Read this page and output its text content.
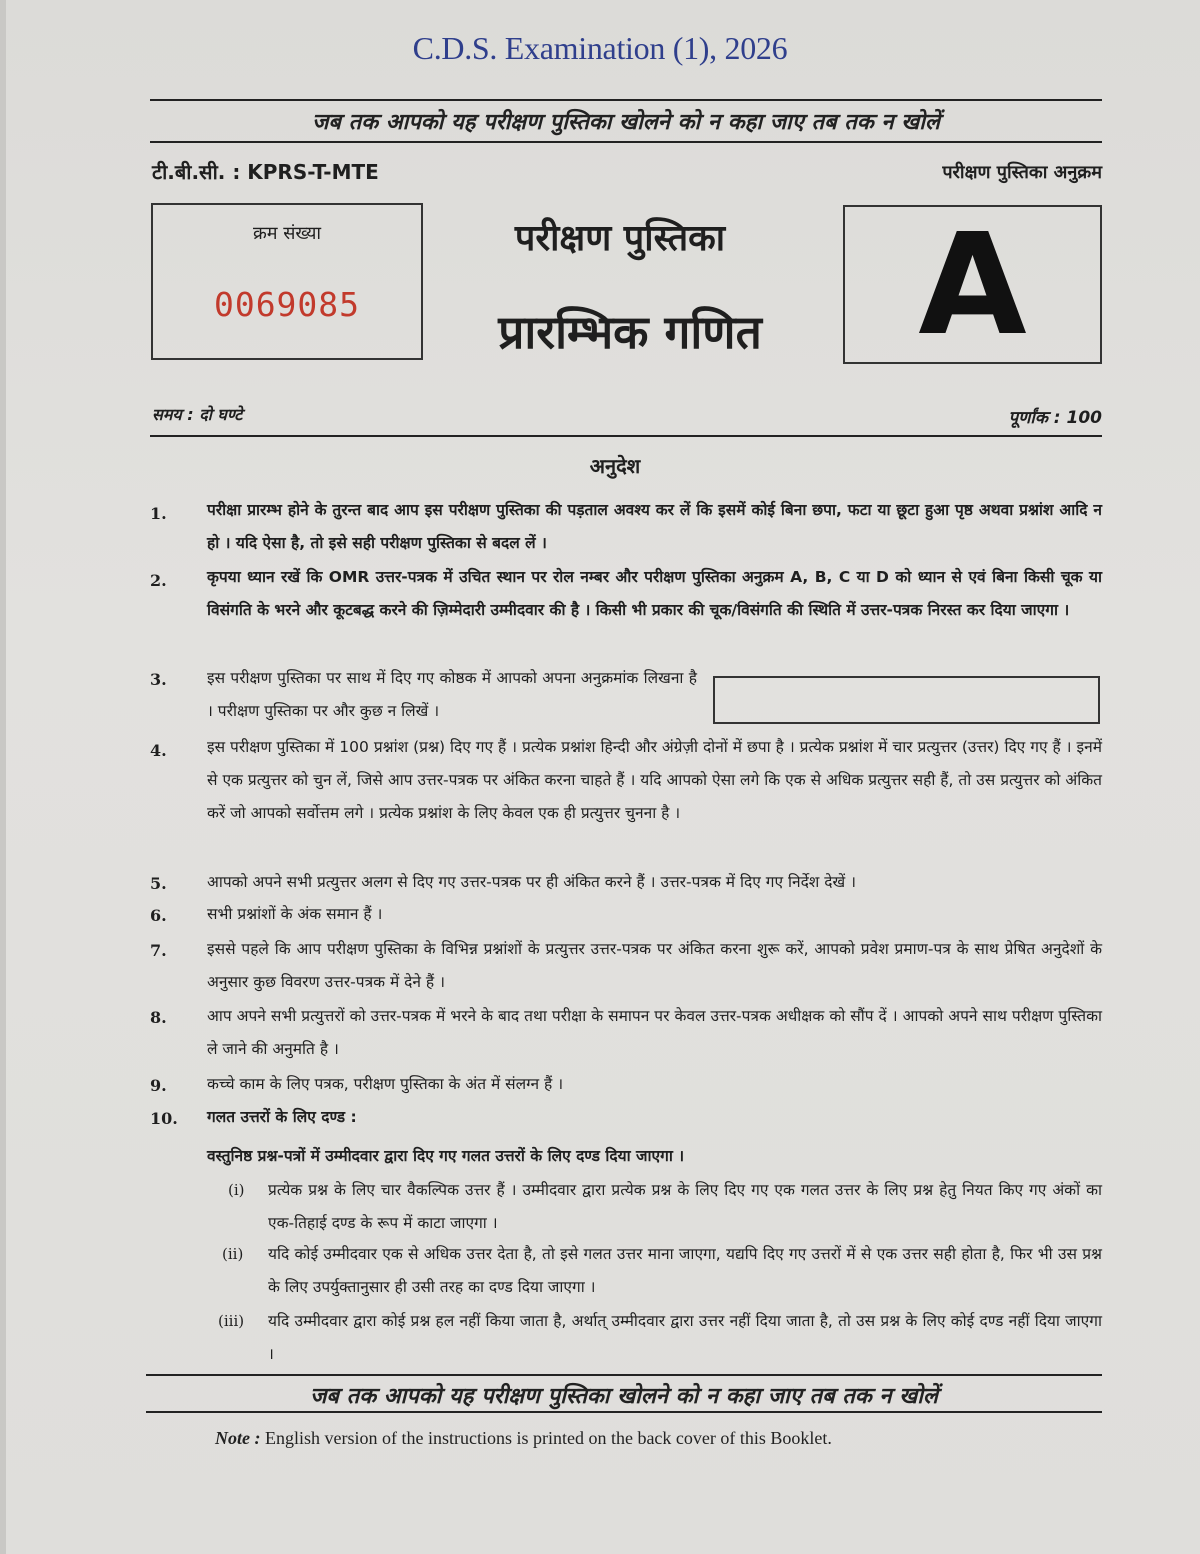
C.D.S. Examination (1), 2026
जब तक आपको यह परीक्षण पुस्तिका खोलने को न कहा जाए तब तक न खोलें
टी.बी.सी. : KPRS-T-MTE	परीक्षण पुस्तिका अनुक्रम
क्रम संख्या
0069085
परीक्षण पुस्तिका
प्रारम्भिक गणित	A
समय : दो घण्टे	पूर्णांक : 100
अनुदेश
1.	परीक्षा प्रारम्भ होने के तुरन्त बाद आप इस परीक्षण पुस्तिका की पड़ताल अवश्य कर लें कि इसमें कोई बिना छपा, फटा या छूटा हुआ पृष्ठ अथवा प्रश्नांश आदि न हो । यदि ऐसा है, तो इसे सही परीक्षण पुस्तिका से बदल लें ।
2.	कृपया ध्यान रखें कि OMR उत्तर-पत्रक में उचित स्थान पर रोल नम्बर और परीक्षण पुस्तिका अनुक्रम A, B, C या D को ध्यान से एवं बिना किसी चूक या विसंगति के भरने और कूटबद्ध करने की ज़िम्मेदारी उम्मीदवार की है । किसी भी प्रकार की चूक/विसंगति की स्थिति में उत्तर-पत्रक निरस्त कर दिया जाएगा ।
3.	इस परीक्षण पुस्तिका पर साथ में दिए गए कोष्ठक में आपको अपना अनुक्रमांक लिखना है । परीक्षण पुस्तिका पर और कुछ न लिखें ।
4.	इस परीक्षण पुस्तिका में 100 प्रश्नांश (प्रश्न) दिए गए हैं । प्रत्येक प्रश्नांश हिन्दी और अंग्रेज़ी दोनों में छपा है । प्रत्येक प्रश्नांश में चार प्रत्युत्तर (उत्तर) दिए गए हैं । इनमें से एक प्रत्युत्तर को चुन लें, जिसे आप उत्तर-पत्रक पर अंकित करना चाहते हैं । यदि आपको ऐसा लगे कि एक से अधिक प्रत्युत्तर सही हैं, तो उस प्रत्युत्तर को अंकित करें जो आपको सर्वोत्तम लगे । प्रत्येक प्रश्नांश के लिए केवल एक ही प्रत्युत्तर चुनना है ।
5.	आपको अपने सभी प्रत्युत्तर अलग से दिए गए उत्तर-पत्रक पर ही अंकित करने हैं । उत्तर-पत्रक में दिए गए निर्देश देखें ।
6.	सभी प्रश्नांशों के अंक समान हैं ।
7.	इससे पहले कि आप परीक्षण पुस्तिका के विभिन्न प्रश्नांशों के प्रत्युत्तर उत्तर-पत्रक पर अंकित करना शुरू करें, आपको प्रवेश प्रमाण-पत्र के साथ प्रेषित अनुदेशों के अनुसार कुछ विवरण उत्तर-पत्रक में देने हैं ।
8.	आप अपने सभी प्रत्युत्तरों को उत्तर-पत्रक में भरने के बाद तथा परीक्षा के समापन पर केवल उत्तर-पत्रक अधीक्षक को सौंप दें । आपको अपने साथ परीक्षण पुस्तिका ले जाने की अनुमति है ।
9.	कच्चे काम के लिए पत्रक, परीक्षण पुस्तिका के अंत में संलग्न हैं ।
10.	गलत उत्तरों के लिए दण्ड :
वस्तुनिष्ठ प्रश्न-पत्रों में उम्मीदवार द्वारा दिए गए गलत उत्तरों के लिए दण्ड दिया जाएगा ।
(i)	प्रत्येक प्रश्न के लिए चार वैकल्पिक उत्तर हैं । उम्मीदवार द्वारा प्रत्येक प्रश्न के लिए दिए गए एक गलत उत्तर के लिए प्रश्न हेतु नियत किए गए अंकों का एक-तिहाई दण्ड के रूप में काटा जाएगा ।
(ii)	यदि कोई उम्मीदवार एक से अधिक उत्तर देता है, तो इसे गलत उत्तर माना जाएगा, यद्यपि दिए गए उत्तरों में से एक उत्तर सही होता है, फिर भी उस प्रश्न के लिए उपर्युक्तानुसार ही उसी तरह का दण्ड दिया जाएगा ।
(iii)	यदि उम्मीदवार द्वारा कोई प्रश्न हल नहीं किया जाता है, अर्थात् उम्मीदवार द्वारा उत्तर नहीं दिया जाता है, तो उस प्रश्न के लिए कोई दण्ड नहीं दिया जाएगा ।
जब तक आपको यह परीक्षण पुस्तिका खोलने को न कहा जाए तब तक न खोलें
Note : English version of the instructions is printed on the back cover of this Booklet.
